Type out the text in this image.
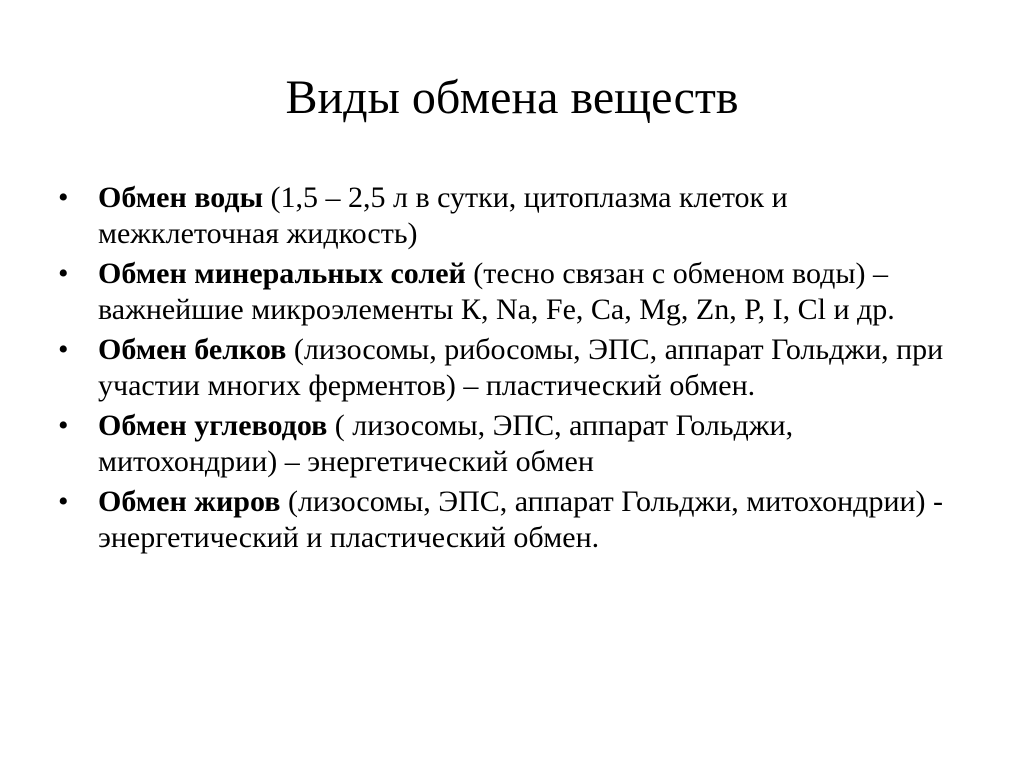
Виды обмена веществ
• Обмен воды (1,5 – 2,5 л в сутки, цитоплазма клеток и межклеточная жидкость)
• Обмен минеральных солей (тесно связан с обменом воды) – важнейшие микроэлементы К, Na, Fe, Ca, Mg, Zn, P, I, Cl и др.
• Обмен белков (лизосомы, рибосомы, ЭПС, аппарат Гольджи, при участии многих ферментов) – пластический обмен.
• Обмен углеводов ( лизосомы, ЭПС, аппарат Гольджи, митохондрии) – энергетический обмен
• Обмен жиров (лизосомы, ЭПС, аппарат Гольджи, митохондрии) - энергетический и пластический обмен.
